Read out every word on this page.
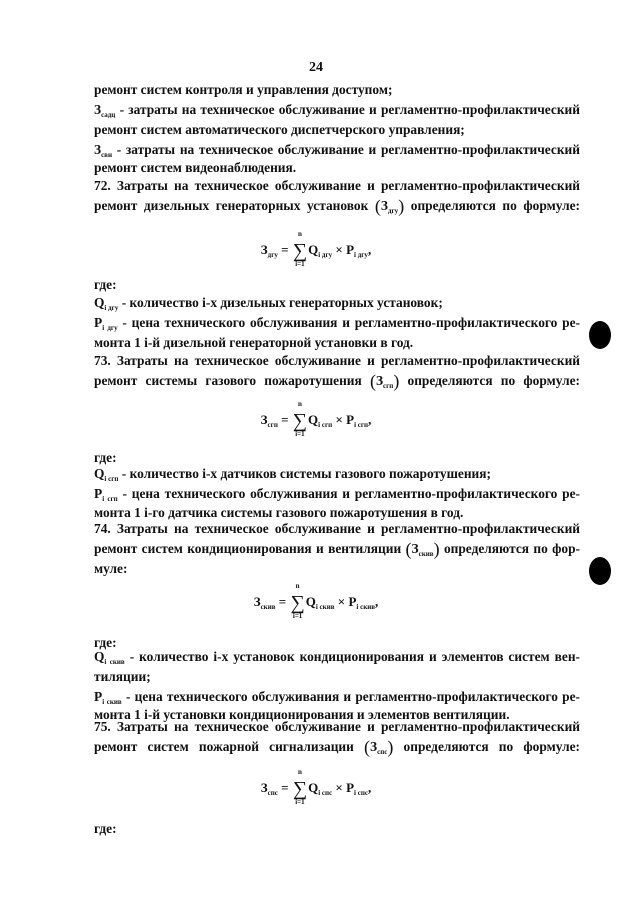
24
ремонт систем контроля и управления доступом;
$З_{садц}$ - затраты на техническое обслуживание и регламентно-профилактический
ремонт систем автоматического диспетчерского управления;
$З_{свн}$ - затраты на техническое обслуживание и регламентно-профилактический
ремонт систем видеонаблюдения.
72. Затраты на техническое обслуживание и регламентно-профилактический
ремонт дизельных генераторных установок $(З_{дгу})$ определяются по формуле:
где:
$Q_{i дгу}$ - количество i-х дизельных генераторных установок;
$P_{i дгу}$ - цена технического обслуживания и регламентно-профилактического ре-
монта 1 i-й дизельной генераторной установки в год.
73. Затраты на техническое обслуживание и регламентно-профилактический
ремонт системы газового пожаротушения $(З_{сгп})$ определяются по формуле:
где:
$Q_{i сгп}$ - количество i-х датчиков системы газового пожаротушения;
$P_{i сгп}$ - цена технического обслуживания и регламентно-профилактического ре-
монта 1 i-го датчика системы газового пожаротушения в год.
74. Затраты на техническое обслуживание и регламентно-профилактический
ремонт систем кондиционирования и вентиляции $(З_{скив})$ определяются по фор-
муле:
где:
$Q_{i скив}$ - количество i-х установок кондиционирования и элементов систем вен-
тиляции;
$P_{i скив}$ - цена технического обслуживания и регламентно-профилактического ре-
монта 1 i-й установки кондиционирования и элементов вентиляции.
75. Затраты на техническое обслуживание и регламентно-профилактический
ремонт систем пожарной сигнализации $(З_{спс})$ определяются по формуле:
где:
$З_{дгу}$ = ∑
n
i=1
$Q_{i дгу} \times P_{i дгу}$,
$З_{сгп}$ = ∑
n
i=1
$Q_{i сгп} \times P_{i сгп}$,
$З_{скив}$ = ∑
n
i=1
$Q_{i скив} \times P_{i скив}$,
$З_{спс}$ = ∑
n
i=1
$Q_{i спс} \times P_{i спс}$,
